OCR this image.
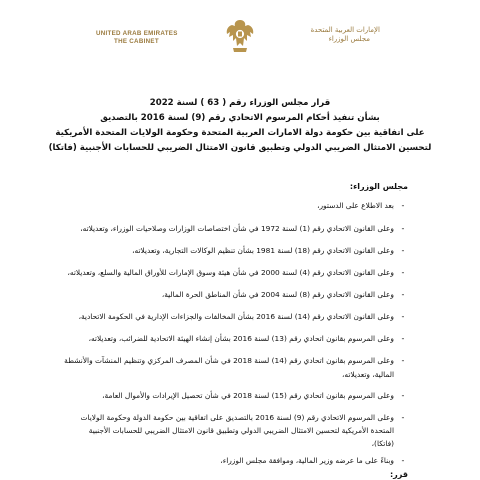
UNITED ARAB EMIRATES
THE CABINET
الإمارات العربية المتحدة
مجلس الوزراء
قرار مجلس الوزراء رقم ( 63 ) لسنة 2022
بشأن تنفيذ أحكام المرسوم الاتحادي رقم (9) لسنة 2016 بالتصديق
على اتفاقية بين حكومة دولة الامارات العربية المتحدة وحكومة الولايات المتحدة الأمريكية
لتحسين الامتثال الضريبي الدولي وتطبيق قانون الامتثال الضريبي للحسابات الأجنبية (فاتكا)
مجلس الوزراء:
-
بعد الاطلاع على الدستور،
-
وعلى القانون الاتحادي رقم (1) لسنة 1972 في شأن اختصاصات الوزارات وصلاحيات الوزراء، وتعديلاته،
-
وعلى القانون الاتحادي رقم (18) لسنة 1981 بشأن تنظيم الوكالات التجارية، وتعديلاته،
-
وعلى القانون الاتحادي رقم (4) لسنة 2000 في شأن هيئة وسوق الإمارات للأوراق المالية والسلع، وتعديلاته،
-
وعلى القانون الاتحادي رقم (8) لسنة 2004 في شأن المناطق الحرة المالية،
-
وعلى القانون الاتحادي رقم (14) لسنة 2016 بشأن المخالفات والجزاءات الإدارية في الحكومة الاتحادية،
-
وعلى المرسوم بقانون اتحادي رقم (13) لسنة 2016 بشأن إنشاء الهيئة الاتحادية للضرائب، وتعديلاته،
-
وعلى المرسوم بقانون اتحادي رقم (14) لسنة 2018 في شأن المصرف المركزي وتنظيم المنشآت والأنشطة
المالية، وتعديلاته،
-
وعلى المرسوم بقانون اتحادي رقم (15) لسنة 2018 في شأن تحصيل الإيرادات والأموال العامة،
-
وعلى المرسوم الاتحادي رقم (9) لسنة 2016 بالتصديق على اتفاقية بين حكومة الدولة وحكومة الولايات
المتحدة الأمريكية لتحسين الامتثال الضريبي الدولي وتطبيق قانون الامتثال الضريبي للحسابات الأجنبية
(فاتكا)،
-
وبناءً على ما عرضه وزير المالية، وموافقة مجلس الوزراء،
قرر:
